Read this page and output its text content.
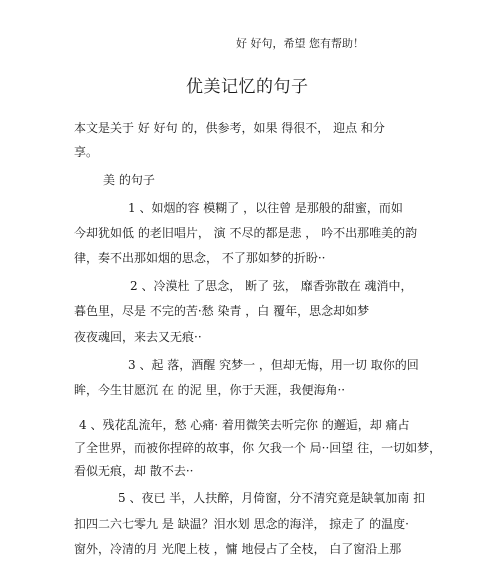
好 好句，希望 您有帮助！
优美记忆的句子
本文是关于 好 好句 的，供参考，如果 得很不， 迎点 和分
享。
美 的句子
1 、如烟的容 模糊了 ，以往曾 是那般的甜蜜，而如
今却犹如低 的老旧唱片， 演 不尽的都是悲 ， 吟不出那唯美的韵
律，奏不出那如烟的思念， 不了那如梦的折盼··
2 、冷漠杜 了思念， 断了 弦， 靡香弥散在 魂消中，
暮色里，尽是 不完的苦·愁 染青 ，白 覆年，思念却如梦
夜夜魂回，来去又无痕··
3 、起 落，酒醒 究梦一 ，但却无悔，用一切 取你的回
眸，今生甘愿沉 在 的泥 里，你于天涯，我便海角··
4 、残花乱流年，愁 心痛· 着用微笑去听完你 的邂逅，却 痛占
了全世界，而被你捏碎的故事，你 欠我一个 局··回望 往，一切如梦，
看似无痕，却 散不去··
5 、夜已 半，人扶醉，月倚窗，分不清究竟是缺氧加南 扣
扣四二六七零九 是 缺温？泪水划 思念的海洋， 掠走了 的温度·
窗外，冷清的月 光爬上枝 ，慵 地侵占了全枝， 白了窗沿上那
